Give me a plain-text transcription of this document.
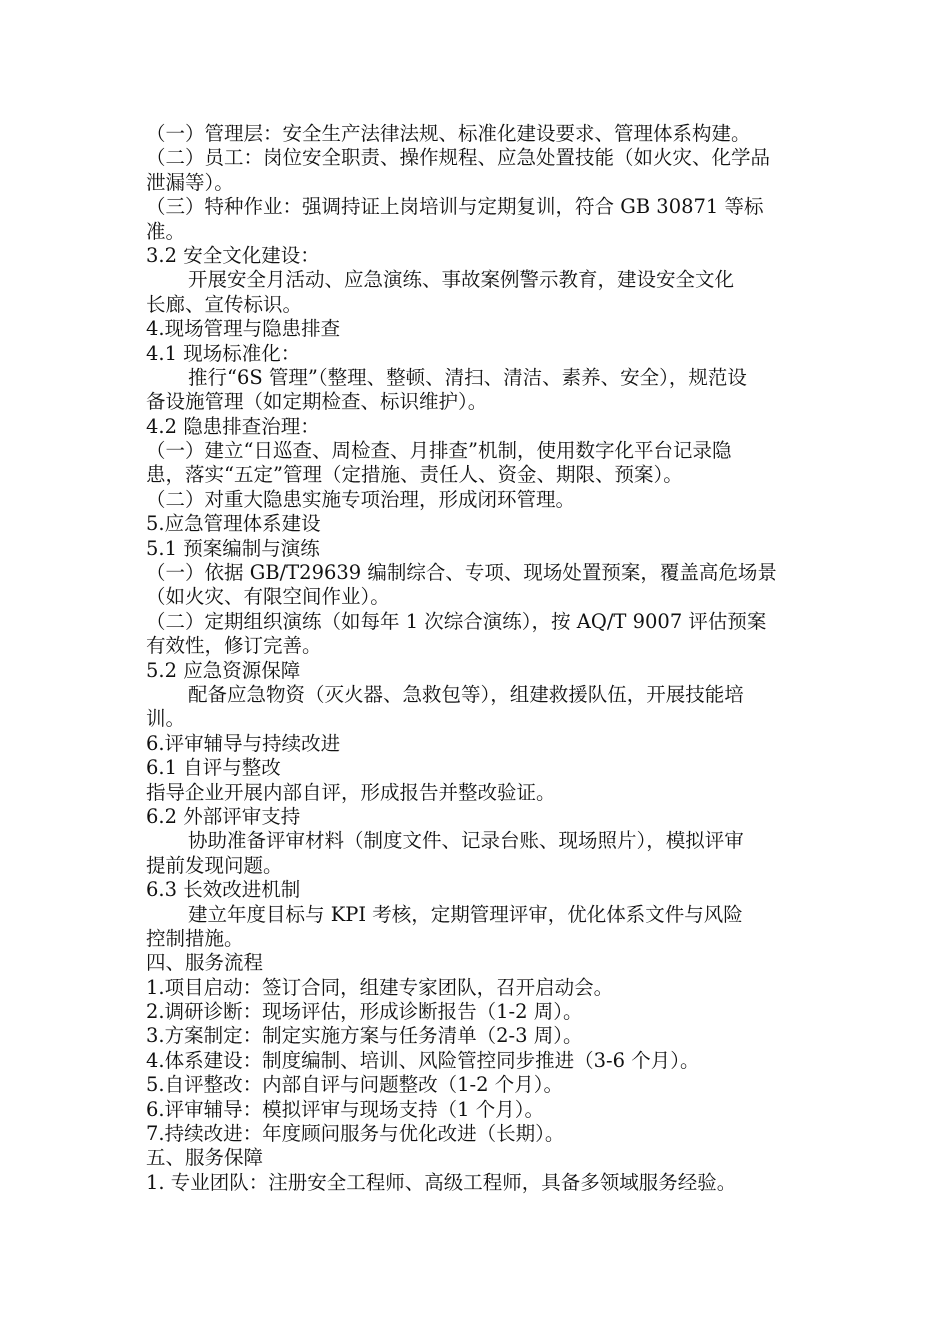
（一）管理层：安全生产法律法规、标准化建设要求、管理体系构建。
（二）员工：岗位安全职责、操作规程、应急处置技能（如火灾、化学品
泄漏等）。
（三）特种作业：强调持证上岗培训与定期复训，符合 GB 30871 等标
准。
3.2 安全文化建设：
开展安全月活动、应急演练、事故案例警示教育，建设安全文化
长廊、宣传标识。
4.现场管理与隐患排查
4.1 现场标准化：
推行“6S 管理”（整理、整顿、清扫、清洁、素养、安全），规范设
备设施管理（如定期检查、标识维护）。
4.2 隐患排查治理：
（一）建立“日巡查、周检查、月排查”机制，使用数字化平台记录隐
患，落实“五定”管理（定措施、责任人、资金、期限、预案）。
（二）对重大隐患实施专项治理，形成闭环管理。
5.应急管理体系建设
5.1 预案编制与演练
（一）依据 GB/T29639 编制综合、专项、现场处置预案，覆盖高危场景
（如火灾、有限空间作业）。
（二）定期组织演练（如每年 1 次综合演练），按 AQ/T 9007 评估预案
有效性，修订完善。
5.2 应急资源保障
配备应急物资（灭火器、急救包等），组建救援队伍，开展技能培
训。
6.评审辅导与持续改进
6.1 自评与整改
指导企业开展内部自评，形成报告并整改验证。
6.2 外部评审支持
协助准备评审材料（制度文件、记录台账、现场照片），模拟评审
提前发现问题。
6.3 长效改进机制
建立年度目标与 KPI 考核，定期管理评审，优化体系文件与风险
控制措施。
四、服务流程
1.项目启动：签订合同，组建专家团队，召开启动会。
2.调研诊断：现场评估，形成诊断报告（1-2 周）。
3.方案制定：制定实施方案与任务清单（2-3 周）。
4.体系建设：制度编制、培训、风险管控同步推进（3-6 个月）。
5.自评整改：内部自评与问题整改（1-2 个月）。
6.评审辅导：模拟评审与现场支持（1 个月）。
7.持续改进：年度顾问服务与优化改进（长期）。
五、服务保障
1. 专业团队：注册安全工程师、高级工程师，具备多领域服务经验。
